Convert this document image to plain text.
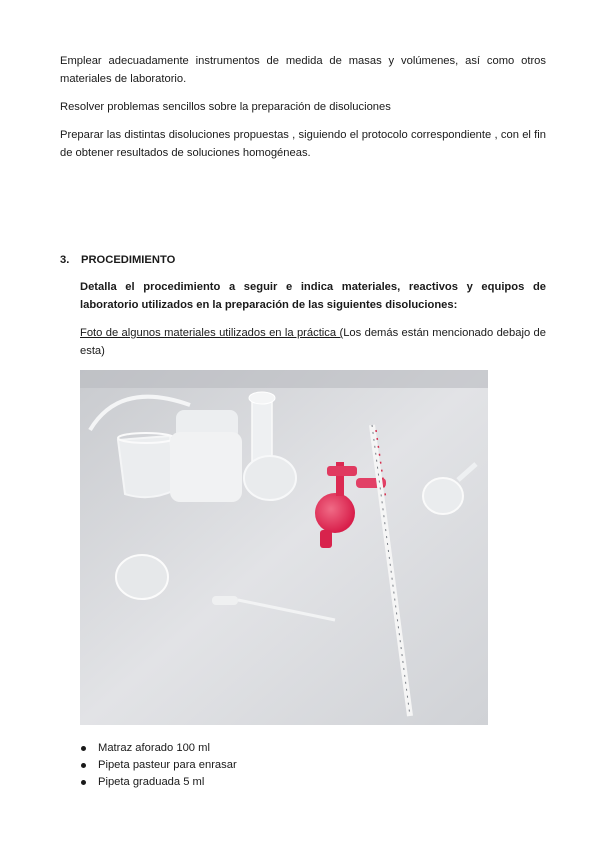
Emplear adecuadamente instrumentos de medida de masas y volúmenes, así como otros materiales de laboratorio.

Resolver problemas sencillos sobre la preparación de disoluciones

Preparar las distintas disoluciones propuestas , siguiendo el protocolo correspondiente , con el fin de obtener resultados de soluciones homogéneas.

3. PROCEDIMIENTO

Detalla el procedimiento a seguir e indica materiales, reactivos y equipos de laboratorio utilizados en la preparación de las siguientes disoluciones:

Foto de algunos materiales utilizados en la práctica (Los demás están mencionado debajo de esta)

Matraz aforado 100 ml
Pipeta pasteur para enrasar
Pipeta graduada 5 ml
